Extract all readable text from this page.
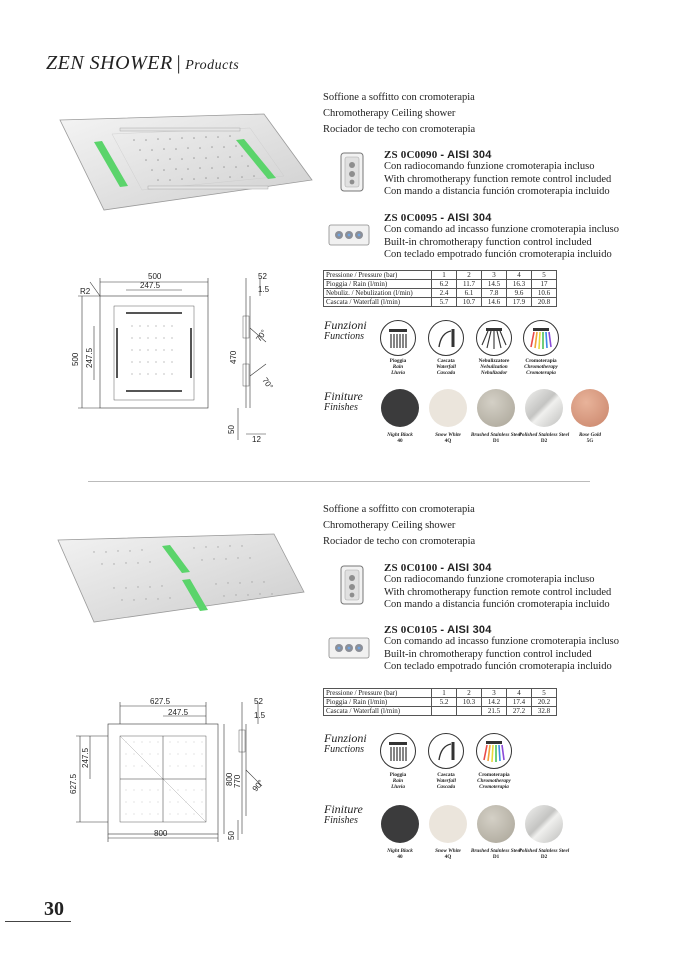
ZEN SHOWER | Products
Soffione a soffitto con cromoterapia
Chromotherapy Ceiling shower
Rociador de techo con cromoterapia
ZS 0C0090 - AISI 304
Con radiocomando funzione cromoterapia incluso
With chromotherapy function remote control included
Con mando a distancia función cromoterapia incluido
ZS 0C0095 - AISI 304
Con comando ad incasso funzione cromoterapia incluso
Built-in chromotherapy function control included
Con teclado empotrado función cromoterapia incluido
500
247.5
R2
500 247.5
52
1.5
470
70°
70°
50
12
Pressione / Pressure (bar)	1	2	3	4	5
Pioggia / Rain (l/min)	6.2	11.7	14.5	16.3	17
Nebuliz. / Nebulization (l/min)	2.4	6.1	7.8	9.6	10.6
Cascata / Waterfall (l/min)	5.7	10.7	14.6	17.9	20.8
Funzioni
Functions
Pioggia
Rain
Lluvia
Cascata
Waterfall
Cascada
Nebulizzatore
Nebulization
Nebulizador
Cromoterapia
Chromotherapy
Cromoterapia
Finiture
Finishes
Night Black
40
Snow White
4Q
Brushed Stainless Steel
D1
Polished Stainless Steel
D2
Rose Gold
5G
Soffione a soffitto con cromoterapia
Chromotherapy Ceiling shower
Rociador de techo con cromoterapia
ZS 0C0100 - AISI 304
Con radiocomando funzione cromoterapia incluso
With chromotherapy function remote control included
Con mando a distancia función cromoterapia incluido
ZS 0C0105 - AISI 304
Con comando ad incasso funzione cromoterapia incluso
Built-in chromotherapy function control included
Con teclado empotrado función cromoterapia incluido
627.5
247.5
627.5
247.5
800
800
52
1.5
770 90°
50
Pressione / Pressure (bar)	1	2	3	4	5
Pioggia / Rain (l/min)	5.2	10.3	14.2	17.4	20.2
Cascata / Waterfall (l/min)			21.5	27.2	32.8
Funzioni
Functions
Pioggia
Rain
Lluvia
Cascata
Waterfall
Cascada
Cromoterapia
Chromotherapy
Cromoterapia
Finiture
Finishes
Night Black
40
Snow White
4Q
Brushed Stainless Steel
D1
Polished Stainless Steel
D2
30
